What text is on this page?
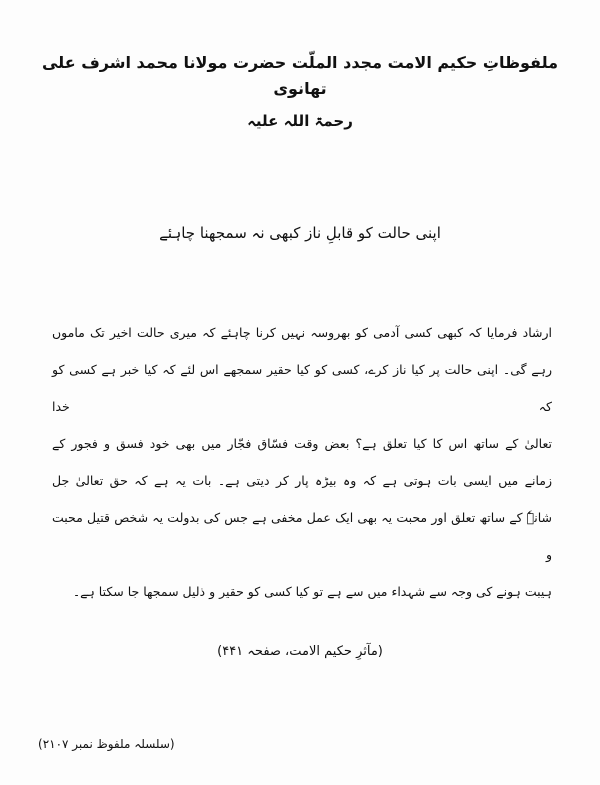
ملفوظاتِ حکیم الامت مجدد الملّت حضرت مولانا محمد اشرف علی تھانوی
رحمۃ اللہ علیہ
اپنی حالت کو قابلِ ناز کبھی نہ سمجھنا چاہئے
ارشاد فرمایا کہ کبھی کسی آدمی کو بھروسہ نہیں کرنا چاہئے کہ میری حالت اخیر تک ماموں
رہے گی۔ اپنی حالت پر کیا ناز کرے، کسی کو کیا حقیر سمجھے اس لئے کہ کیا خبر ہے کسی کو کہ خدا
تعالیٰ کے ساتھ اس کا کیا تعلق ہے؟ بعض وقت فسّاق فجّار میں بھی خود فسق و فجور کے
زمانے میں ایسی بات ہوتی ہے کہ وہ بیڑہ پار کر دیتی ہے۔ بات یہ ہے کہ حق تعالیٰ جل
شانہٗ کے ساتھ تعلق اور محبت یہ بھی ایک عمل مخفی ہے جس کی بدولت یہ شخص قتیل محبت و
ہیبت ہونے کی وجہ سے شہداء میں سے ہے تو کیا کسی کو حقیر و ذلیل سمجھا جا سکتا ہے۔
(مآثرِ حکیم الامت، صفحہ ۴۴۱)
(سلسلہ ملفوظ نمبر ۲۱۰۷)
